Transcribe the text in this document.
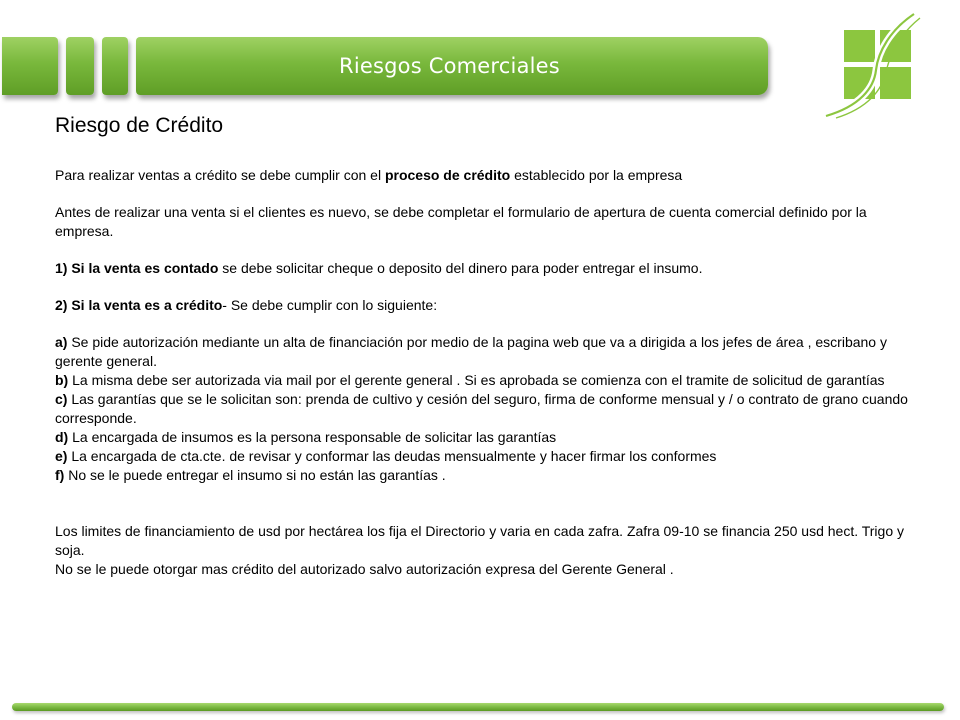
Riesgos Comerciales
Riesgo de Crédito

Para realizar ventas a crédito se debe cumplir con el proceso de crédito establecido por la empresa

Antes de realizar una venta si el clientes es nuevo, se debe completar el formulario de apertura de cuenta comercial definido por la empresa.

1) Si la venta es contado se debe solicitar cheque o deposito del dinero para poder entregar el insumo.

2) Si la venta es a crédito- Se debe cumplir con lo siguiente:

a) Se pide autorización mediante un alta de financiación por medio de la pagina web que va a dirigida a los jefes de área , escribano y gerente general.

b) La misma debe ser autorizada via mail por el gerente general . Si es aprobada se comienza con el tramite de solicitud de garantías

c) Las garantías que se le solicitan son: prenda de cultivo y cesión del seguro, firma de conforme mensual y / o contrato de grano cuando corresponde.

d) La encargada de insumos es la persona responsable de solicitar las garantías

e) La encargada de cta.cte. de revisar y conformar las deudas mensualmente y hacer firmar los conformes

f) No se le puede entregar el insumo si no están las garantías .

Los limites de financiamiento de usd por hectárea los fija el Directorio y varia en cada zafra. Zafra 09-10 se financia 250 usd hect. Trigo y soja.

No se le puede otorgar mas crédito del autorizado salvo autorización expresa del Gerente General .
